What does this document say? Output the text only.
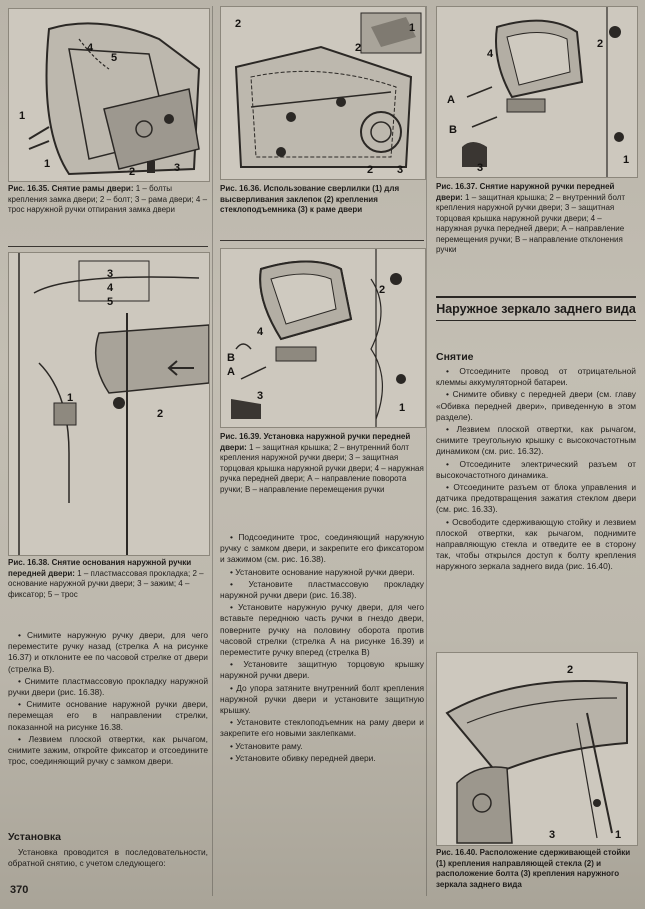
1
1
2	3
4
5
Рис. 16.35. Снятие рамы двери: 1 – болты крепления замка двери; 2 – болт; 3 – рама двери; 4 – трос наружной ручки отпирания замка двери
1
2
3
4
5
Рис. 16.38. Снятие основания наружной ручки передней двери: 1 – пластмассовая прокладка; 2 – основание наружной ручки двери; 3 – зажим; 4 – фиксатор; 5 – трос

• Снимите наружную ручку двери, для чего переместите ручку назад (стрелка А на рисунке 16.37) и отклоните ее по часовой стрелке от двери (стрелка В).

• Снимите пластмассовую прокладку наружной ручки двери (рис. 16.38).

• Снимите основание наружной ручки двери, перемещая его в направлении стрелки, показанной на рисунке 16.38.

• Лезвием плоской отвертки, как рычагом, снимите зажим, откройте фиксатор и отсоедините трос, соединяющий ручку с замком двери.

Установка

Установка проводится в последовательности, обратной снятию, с учетом следующего:

370
1
2
2
2 3
Рис. 16.36. Использование сверлилки (1) для высверливания заклепок (2) крепления стеклоподъемника (3) к раме двери
1
2
3
4
A
B
Рис. 16.39. Установка наружной ручки передней двери: 1 – защитная крышка; 2 – внутренний болт крепления наружной ручки двери; 3 – защитная торцовая крышка наружной ручки двери; 4 – наружная ручка передней двери; А – направление поворота ручки; В – направление перемещения ручки

• Подсоедините трос, соединяющий наружную ручку с замком двери, и закрепите его фиксатором и зажимом (см. рис. 16.38).

• Установите основание наружной ручки двери.

• Установите пластмассовую прокладку наружной ручки двери (рис. 16.38).

• Установите наружную ручку двери, для чего вставьте переднюю часть ручки в гнездо двери, поверните ручку на половину оборота против часовой стрелки (стрелка А на рисунке 16.39) и переместите ручку вперед (стрелка В)

• Установите защитную торцовую крышку наружной ручки двери.

• До упора затяните внутренний болт крепления наружной ручки двери и установите защитную крышку.

• Установите стеклоподъемник на раму двери и закрепите его новыми заклепками.

• Установите раму.

• Установите обивку передней двери.

1
2
3
4
A
B
Рис. 16.37. Снятие наружной ручки передней двери: 1 – защитная крышка; 2 – внутренний болт крепления наружной ручки двери; 3 – защитная торцовая крышка наружной ручки двери; 4 – наружная ручка передней двери; А – направление перемещения ручки; В – направление отклонения ручки
Наружное зеркало заднего вида
Снятие

• Отсоедините провод от отрицательной клеммы аккумуляторной батареи.

• Снимите обивку с передней двери (см. главу «Обивка передней двери», приведенную в этом разделе).

• Лезвием плоской отвертки, как рычагом, снимите треугольную крышку с высокочастотным динамиком (см. рис. 16.32).

• Отсоедините электрический разъем от высокочастотного динамика.

• Отсоедините разъем от блока управления и датчика предотвращения зажатия стеклом двери (см. рис. 16.33).

• Освободите сдерживающую стойку и лезвием плоской отвертки, как рычагом, поднимите направляющую стекла и отведите ее в сторону так, чтобы открылся доступ к болту крепления наружного зеркала заднего вида (рис. 16.40).

2
1
3
Рис. 16.40. Расположение сдерживающей стойки (1) крепления направляющей стекла (2) и расположение болта (3) крепления наружного зеркала заднего вида
